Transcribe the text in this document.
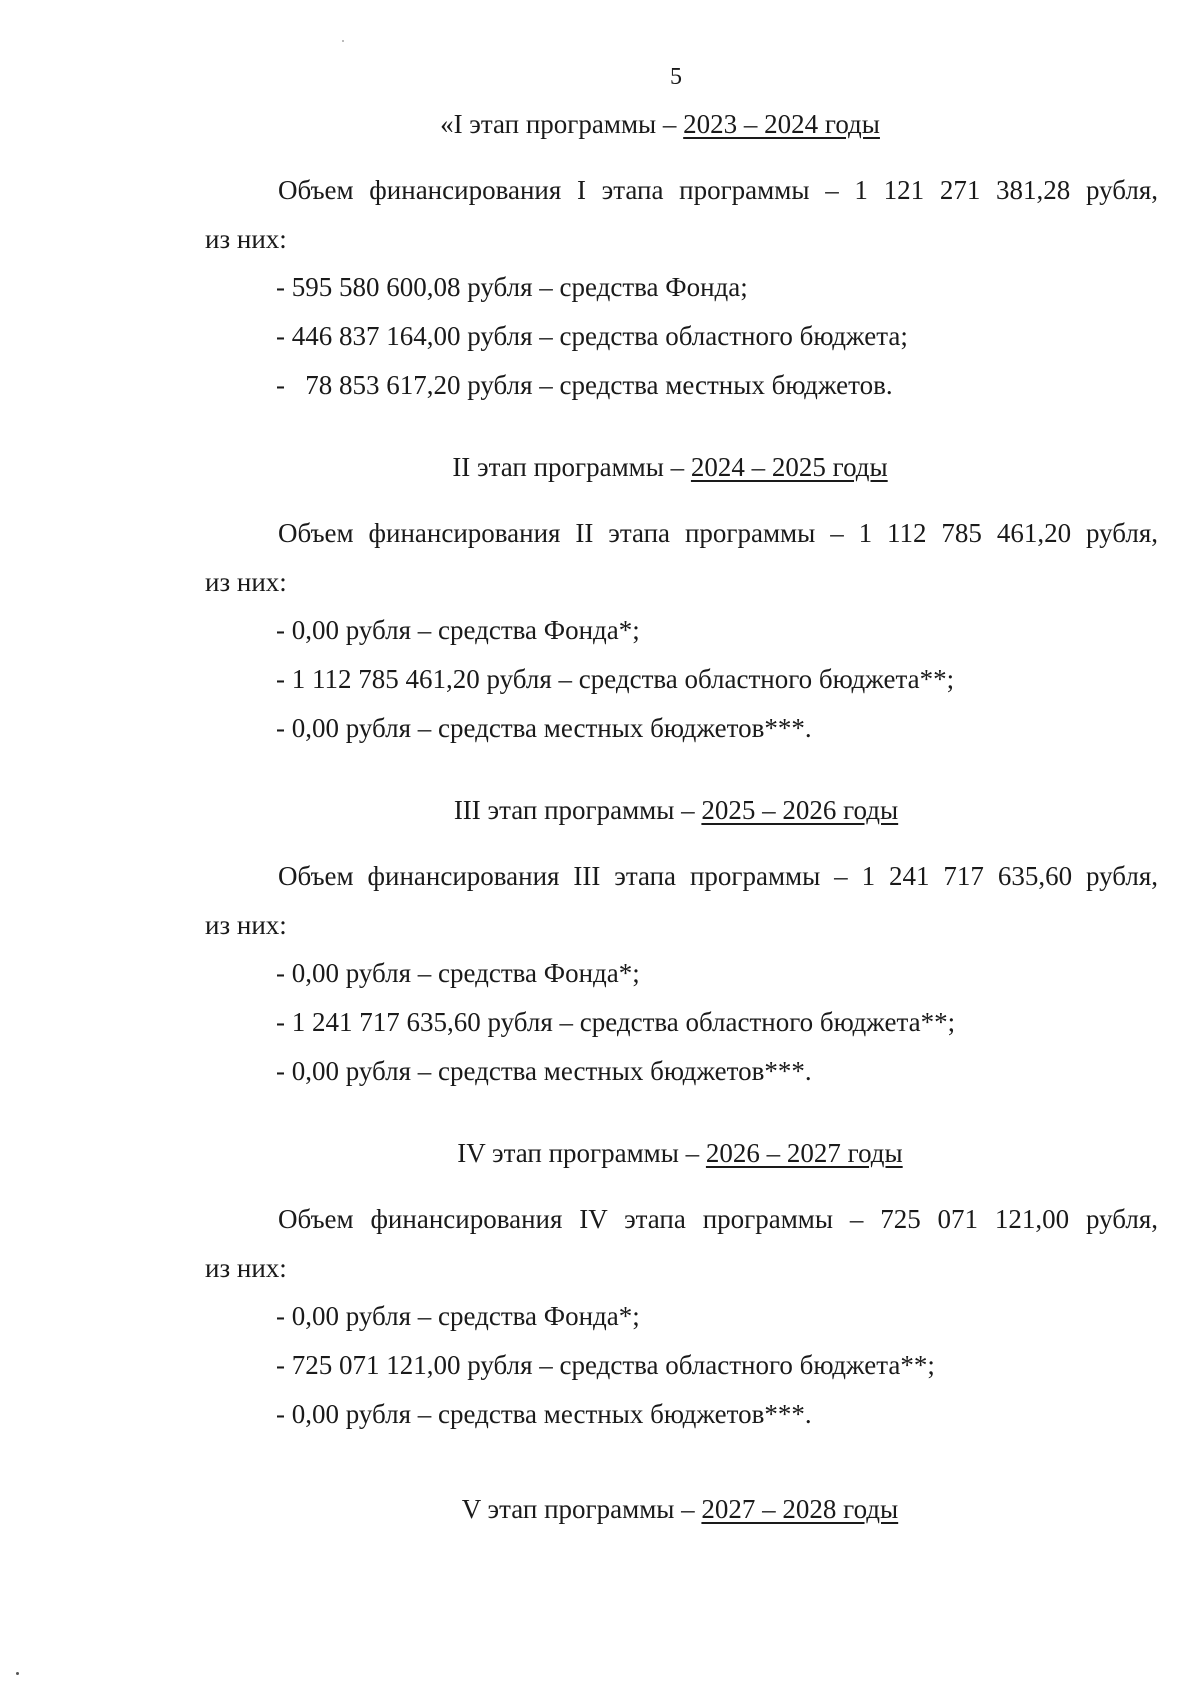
5
«I этап программы – 2023 – 2024 годы
Объем финансирования I этапа программы – 1 121 271 381,28 рубля,
из них:
- 595 580 600,08 рубля – средства Фонда;
- 446 837 164,00 рубля – средства областного бюджета;
-   78 853 617,20 рубля – средства местных бюджетов.
II этап программы – 2024 – 2025 годы
Объем финансирования II этапа программы – 1 112 785 461,20 рубля,
из них:
- 0,00 рубля – средства Фонда*;
- 1 112 785 461,20 рубля – средства областного бюджета**;
- 0,00 рубля – средства местных бюджетов***.
III этап программы – 2025 – 2026 годы
Объем финансирования III этапа программы – 1 241 717 635,60 рубля,
из них:
- 0,00 рубля – средства Фонда*;
- 1 241 717 635,60 рубля – средства областного бюджета**;
- 0,00 рубля – средства местных бюджетов***.
IV этап программы – 2026 – 2027 годы
Объем финансирования IV этапа программы – 725 071 121,00 рубля,
из них:
- 0,00 рубля – средства Фонда*;
- 725 071 121,00 рубля – средства областного бюджета**;
- 0,00 рубля – средства местных бюджетов***.
V этап программы – 2027 – 2028 годы
